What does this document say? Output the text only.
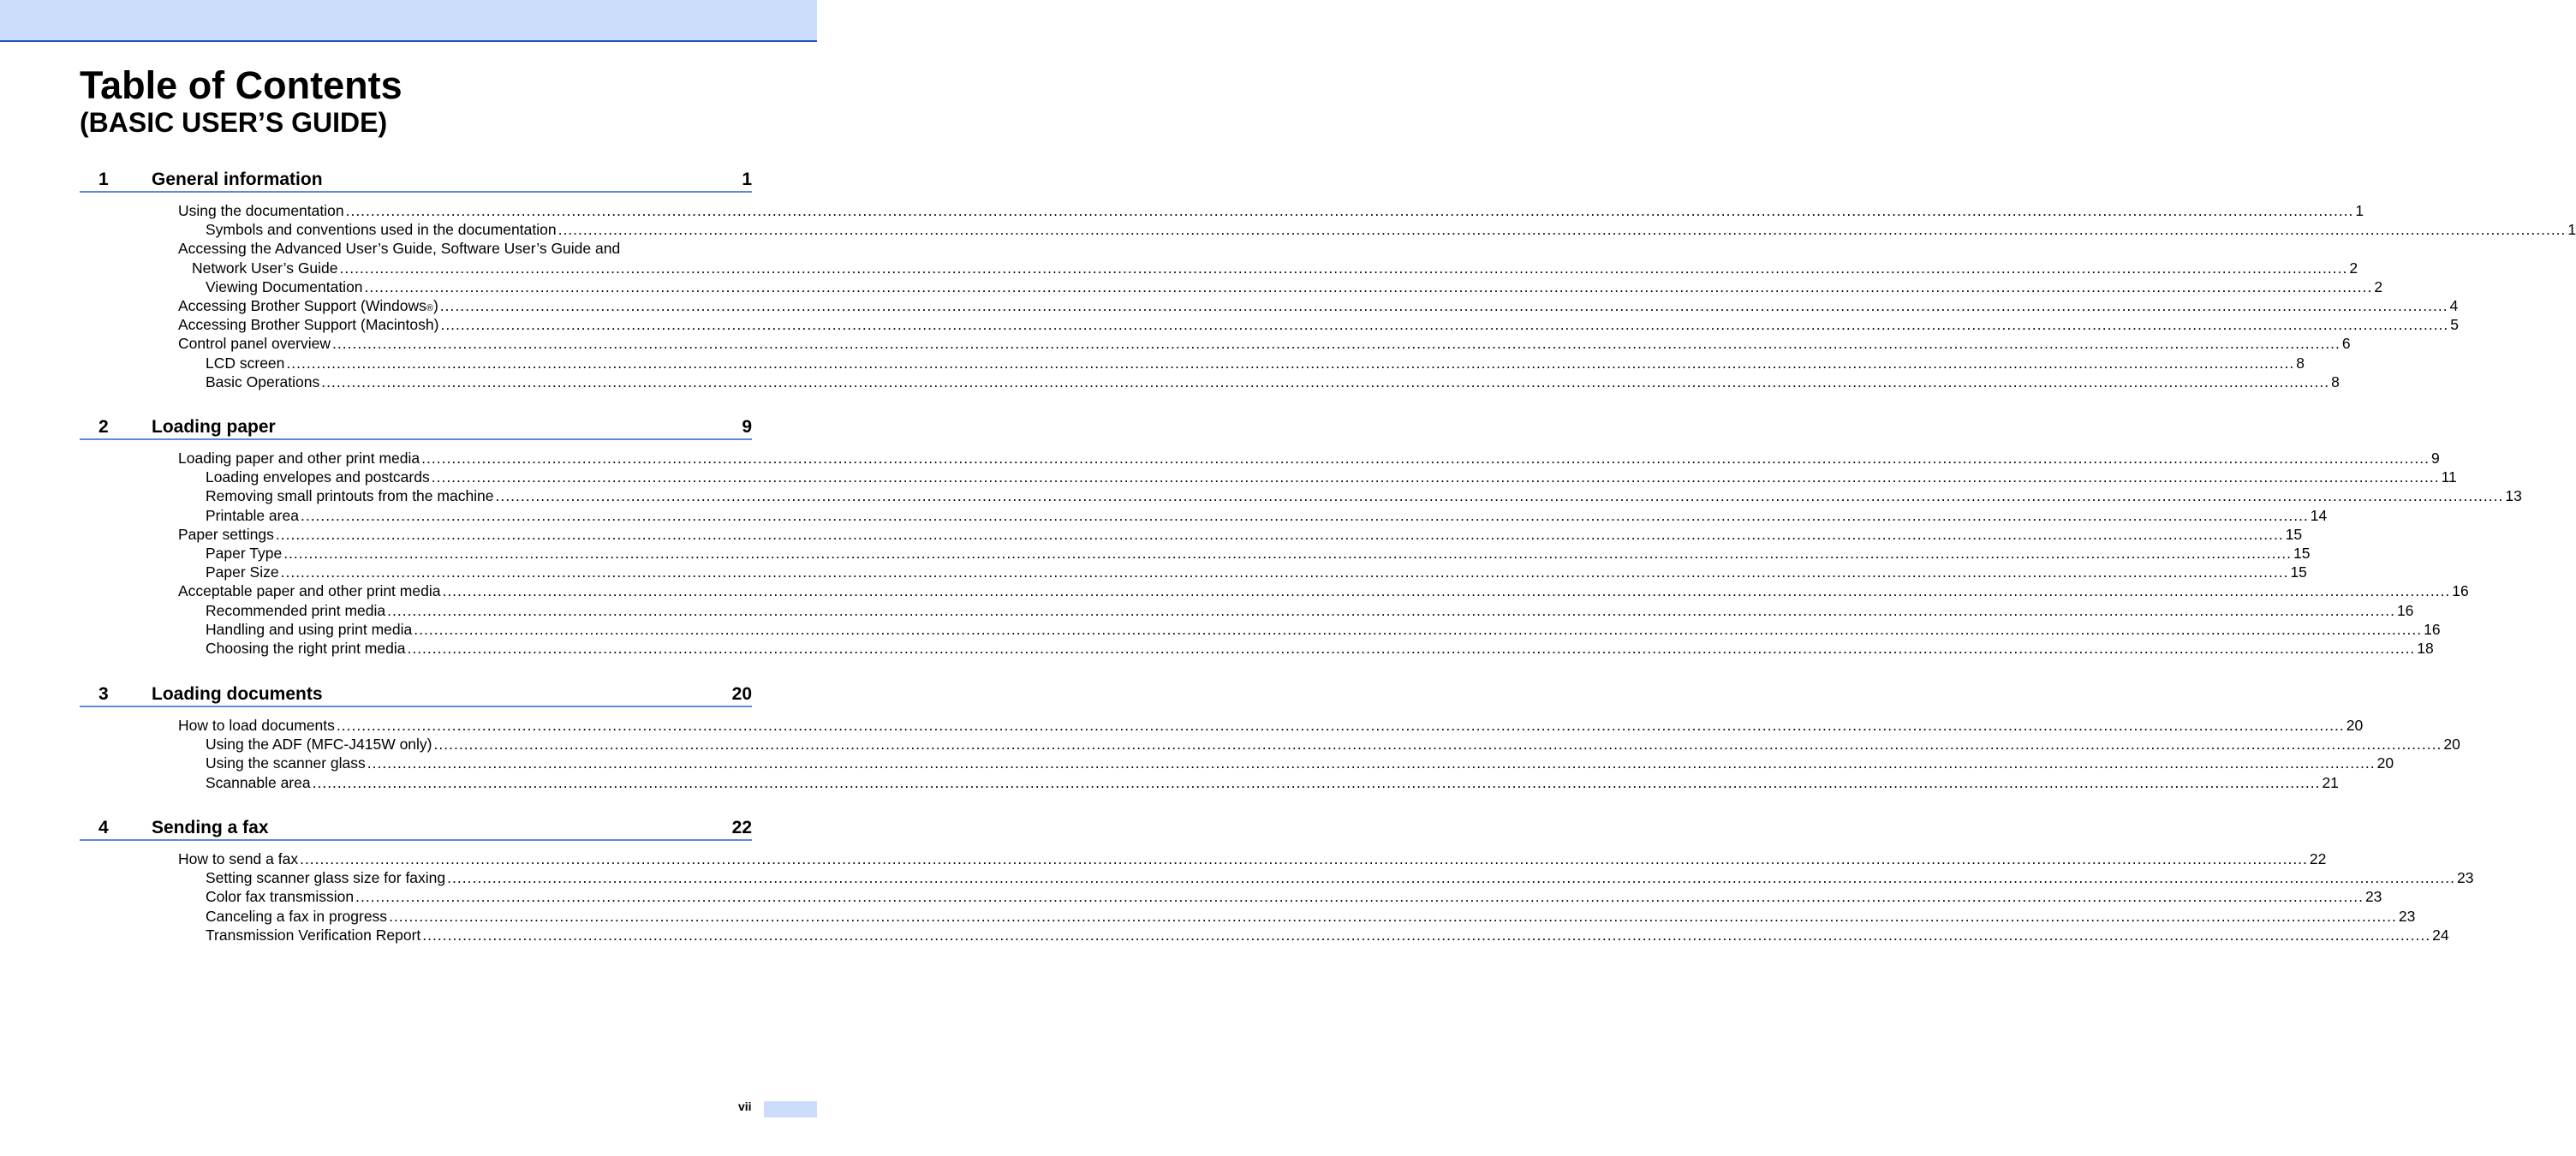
Table of Contents
(BASIC USER’S GUIDE)
1 General information	1
Using the documentation ................................................................................................................................................................................................................................................................................................................................................................................................................ 1
Symbols and conventions used in the documentation ................................................................................................................................................................................................................................................................................................................................................................................................................ 1
Accessing the Advanced User’s Guide, Software User’s Guide and
Network User’s Guide ................................................................................................................................................................................................................................................................................................................................................................................................................ 2
Viewing Documentation ................................................................................................................................................................................................................................................................................................................................................................................................................ 2
Accessing Brother Support (Windows ® ) ................................................................................................................................................................................................................................................................................................................................................................................................................ 4
Accessing Brother Support (Macintosh) ................................................................................................................................................................................................................................................................................................................................................................................................................ 5
Control panel overview ................................................................................................................................................................................................................................................................................................................................................................................................................ 6
LCD screen ................................................................................................................................................................................................................................................................................................................................................................................................................ 8
Basic Operations ................................................................................................................................................................................................................................................................................................................................................................................................................ 8
2 Loading paper	9
Loading paper and other print media ................................................................................................................................................................................................................................................................................................................................................................................................................ 9
Loading envelopes and postcards ................................................................................................................................................................................................................................................................................................................................................................................................................ 11
Removing small printouts from the machine ................................................................................................................................................................................................................................................................................................................................................................................................................ 13
Printable area ................................................................................................................................................................................................................................................................................................................................................................................................................ 14
Paper settings ................................................................................................................................................................................................................................................................................................................................................................................................................ 15
Paper Type ................................................................................................................................................................................................................................................................................................................................................................................................................ 15
Paper Size ................................................................................................................................................................................................................................................................................................................................................................................................................ 15
Acceptable paper and other print media ................................................................................................................................................................................................................................................................................................................................................................................................................ 16
Recommended print media ................................................................................................................................................................................................................................................................................................................................................................................................................ 16
Handling and using print media ................................................................................................................................................................................................................................................................................................................................................................................................................ 16
Choosing the right print media ................................................................................................................................................................................................................................................................................................................................................................................................................ 18
3 Loading documents	20
How to load documents ................................................................................................................................................................................................................................................................................................................................................................................................................ 20
Using the ADF (MFC-J415W only) ................................................................................................................................................................................................................................................................................................................................................................................................................ 20
Using the scanner glass ................................................................................................................................................................................................................................................................................................................................................................................................................ 20
Scannable area ................................................................................................................................................................................................................................................................................................................................................................................................................ 21
4 Sending a fax	22
How to send a fax ................................................................................................................................................................................................................................................................................................................................................................................................................ 22
Setting scanner glass size for faxing ................................................................................................................................................................................................................................................................................................................................................................................................................ 23
Color fax transmission ................................................................................................................................................................................................................................................................................................................................................................................................................ 23
Canceling a fax in progress ................................................................................................................................................................................................................................................................................................................................................................................................................ 23
Transmission Verification Report ................................................................................................................................................................................................................................................................................................................................................................................................................ 24
vii
